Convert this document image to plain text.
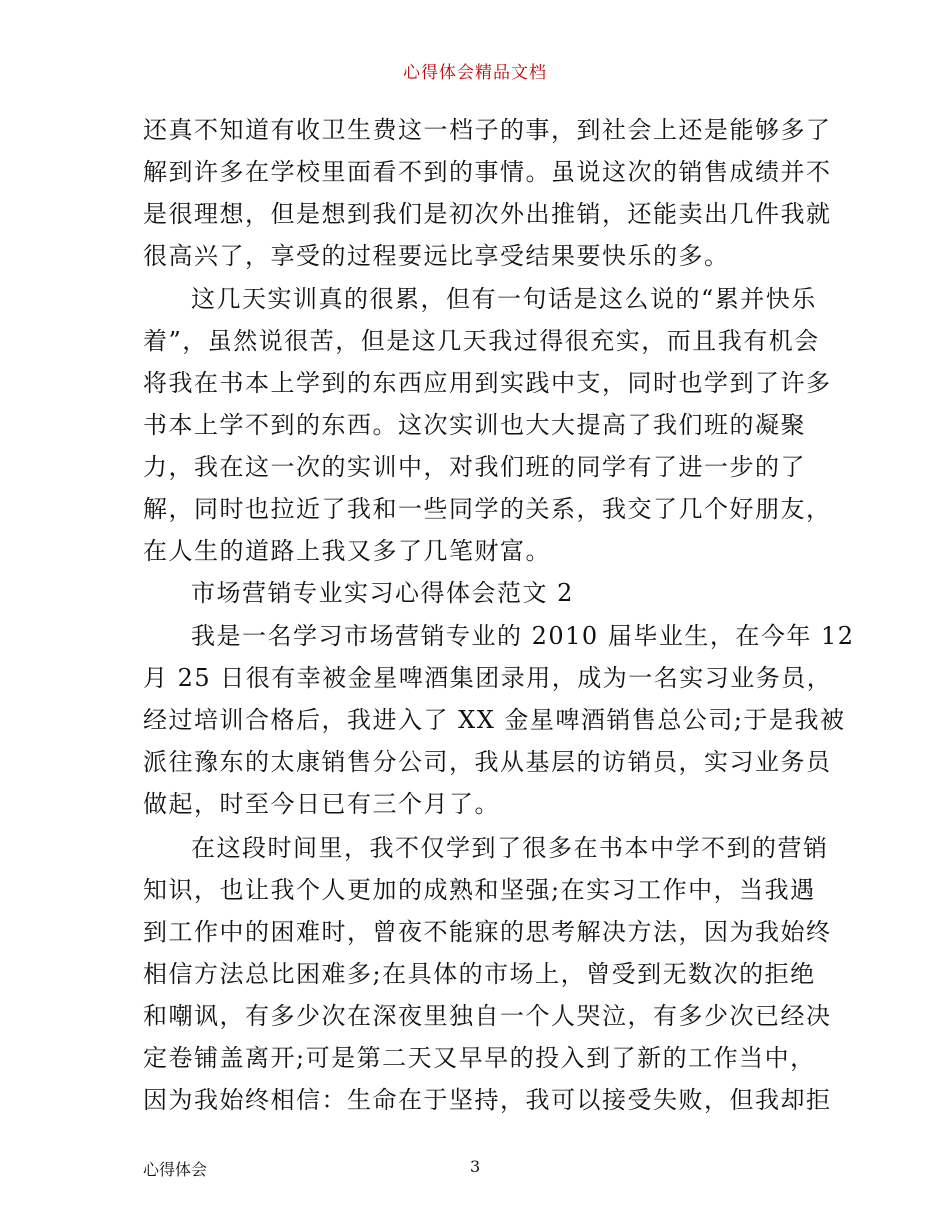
心得体会精品文档
还真不知道有收卫生费这一档子的事，到社会上还是能够多了
解到许多在学校里面看不到的事情。虽说这次的销售成绩并不
是很理想，但是想到我们是初次外出推销，还能卖出几件我就
很高兴了，享受的过程要远比享受结果要快乐的多。
这几天实训真的很累，但有一句话是这么说的“累并快乐
着”，虽然说很苦，但是这几天我过得很充实，而且我有机会
将我在书本上学到的东西应用到实践中支，同时也学到了许多
书本上学不到的东西。这次实训也大大提高了我们班的凝聚
力，我在这一次的实训中，对我们班的同学有了进一步的了
解，同时也拉近了我和一些同学的关系，我交了几个好朋友，
在人生的道路上我又多了几笔财富。
市场营销专业实习心得体会范文 2
我是一名学习市场营销专业的 2010 届毕业生，在今年 12
月 25 日很有幸被金星啤酒集团录用，成为一名实习业务员，
经过培训合格后，我进入了 XX 金星啤酒销售总公司;于是我被
派往豫东的太康销售分公司，我从基层的访销员，实习业务员
做起，时至今日已有三个月了。
在这段时间里，我不仅学到了很多在书本中学不到的营销
知识，也让我个人更加的成熟和坚强;在实习工作中，当我遇
到工作中的困难时，曾夜不能寐的思考解决方法，因为我始终
相信方法总比困难多;在具体的市场上，曾受到无数次的拒绝
和嘲讽，有多少次在深夜里独自一个人哭泣，有多少次已经决
定卷铺盖离开;可是第二天又早早的投入到了新的工作当中，
因为我始终相信：生命在于坚持，我可以接受失败，但我却拒
心得体会	3
